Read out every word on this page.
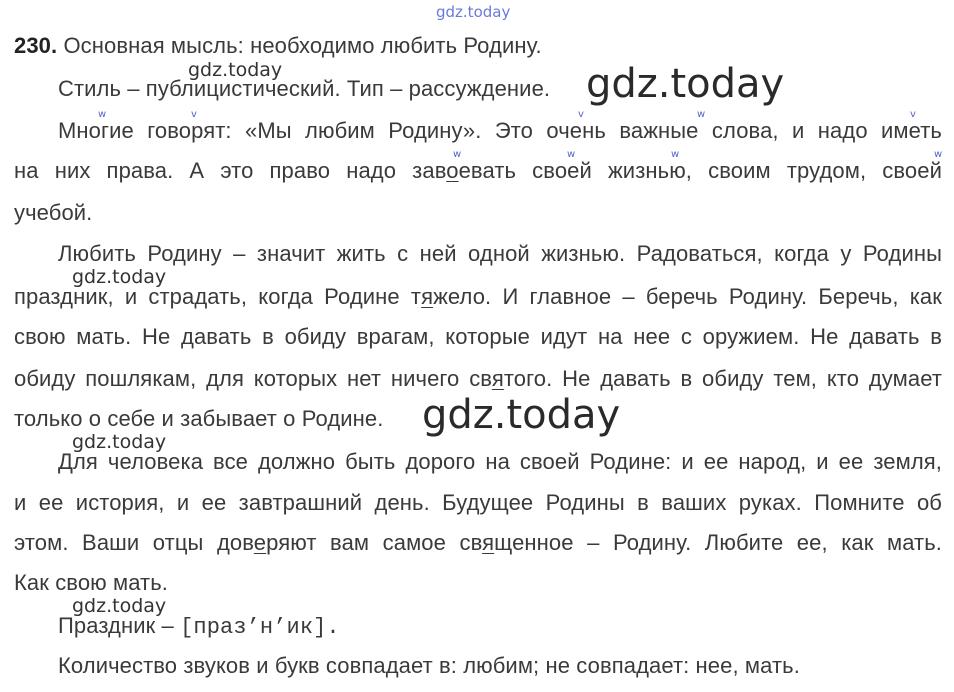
gdz.today
230. Основная мысль: необходимо любить Родину.
Стиль – публицистический. Тип – рассуждение.
Многие говорят: «Мы любим Родину». Это очень важные слова, и надо иметь
на них права. А это право надо завоевать своей жизнью, своим трудом, своей
учебой.
Любить Родину – значит жить с ней одной жизнью. Радоваться, когда у Родины
праздник, и страдать, когда Родине тяжело. И главное – беречь Родину. Беречь, как
свою мать. Не давать в обиду врагам, которые идут на нее с оружием. Не давать в
обиду пошлякам, для которых нет ничего святого. Не давать в обиду тем, кто думает
только о себе и забывает о Родине.
Для человека все должно быть дорого на своей Родине: и ее народ, и ее земля,
и ее история, и ее завтрашний день. Будущее Родины в ваших руках. Помните об
этом. Ваши отцы доверяют вам самое священное – Родину. Любите ее, как мать.
Как свою мать.
Праздник – [праз’н’ик].
Количество звуков и букв совпадает в: любим; не совпадает: нее, мать.
w	v	v	w	v
w	w	w	w
gdz.today	gdz.today
gdz.today
gdz.today
gdz.today
gdz.today
